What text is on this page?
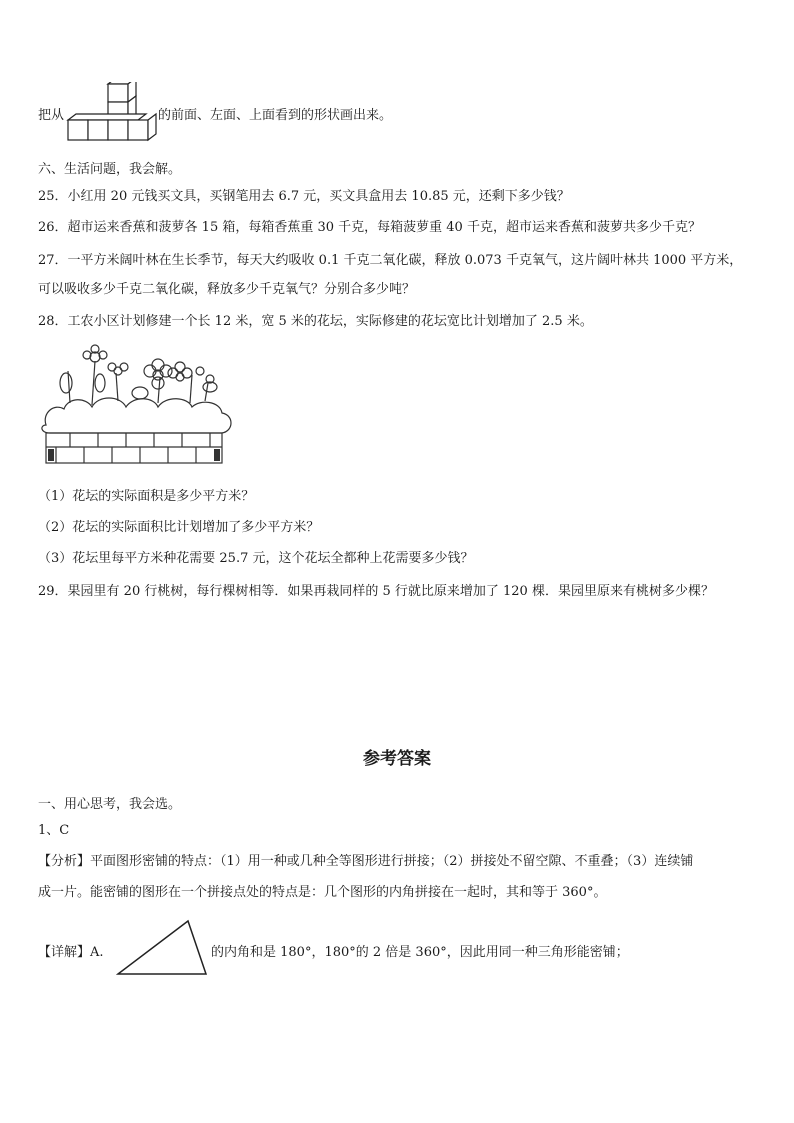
把从	的前面、左面、上面看到的形状画出来。
六、生活问题，我会解。
25．小红用 20 元钱买文具，买钢笔用去 6.7 元，买文具盒用去 10.85 元，还剩下多少钱？
26．超市运来香蕉和菠萝各 15 箱，每箱香蕉重 30 千克，每箱菠萝重 40 千克，超市运来香蕉和菠萝共多少千克？
27．一平方米阔叶林在生长季节，每天大约吸收 0.1 千克二氧化碳，释放 0.073 千克氧气，这片阔叶林共 1000 平方米，
可以吸收多少千克二氧化碳，释放多少千克氧气？分别合多少吨？
28．工农小区计划修建一个长 12 米，宽 5 米的花坛，实际修建的花坛宽比计划增加了 2.5 米。
（1）花坛的实际面积是多少平方米？
（2）花坛的实际面积比计划增加了多少平方米？
（3）花坛里每平方米种花需要 25.7 元，这个花坛全都种上花需要多少钱？
29．果园里有 20 行桃树，每行棵树相等．如果再栽同样的 5 行就比原来增加了 120 棵．果园里原来有桃树多少棵？
参考答案
一、用心思考，我会选。
1、C
【分析】平面图形密铺的特点：（1）用一种或几种全等图形进行拼接；（2）拼接处不留空隙、不重叠；（3）连续铺
成一片。能密铺的图形在一个拼接点处的特点是：几个图形的内角拼接在一起时，其和等于 360°。
【详解】A.	的内角和是 180°，180°的 2 倍是 360°，因此用同一种三角形能密铺；
